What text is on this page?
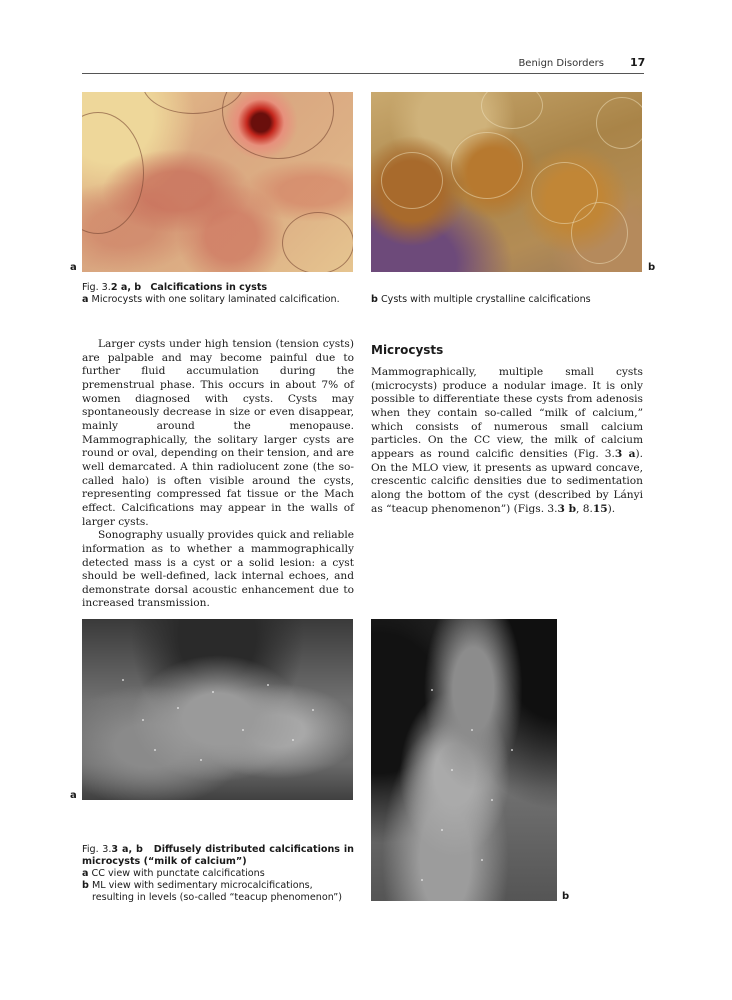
Benign Disorders 17
a	b
Fig. 3.2 a, b Calcifications in cysts
a Microcysts with one solitary laminated calcification.	b Cysts with multiple crystalline calcifications

Larger cysts under high tension (tension cysts) are palpable and may become painful due to further fluid accumulation during the premenstrual phase. This occurs in about 7% of women diagnosed with cysts. Cysts may spontaneously decrease in size or even disappear, mainly around the menopause. Mammographically, the solitary larger cysts are round or oval, depending on their tension, and are well demarcated. A thin radiolucent zone (the so-called halo) is often visible around the cysts, representing compressed fat tissue or the Mach effect. Calcifications may appear in the walls of larger cysts.

Sonography usually provides quick and reliable information as to whether a mammographically detected mass is a cyst or a solid lesion: a cyst should be well-defined, lack internal echoes, and demonstrate dorsal acoustic enhancement due to increased transmission.

Microcysts

Mammographically, multiple small cysts (microcysts) produce a nodular image. It is only possible to differentiate these cysts from adenosis when they contain so-called “milk of calcium,” which consists of numerous small calcium particles. On the CC view, the milk of calcium appears as round calcific densities (Fig. 3.3 a). On the MLO view, it presents as upward concave, crescentic calcific densities due to sedimentation along the bottom of the cyst (described by Lányi as “teacup phenomenon”) (Figs. 3.3 b, 8.15).

a
b
Fig. 3.3 a, b Diffusely distributed calcifications in microcysts (“milk of calcium”)
a CC view with punctate calcifications
b ML view with sedimentary microcalcifications, resulting in levels (so-called “teacup phenomenon”)
